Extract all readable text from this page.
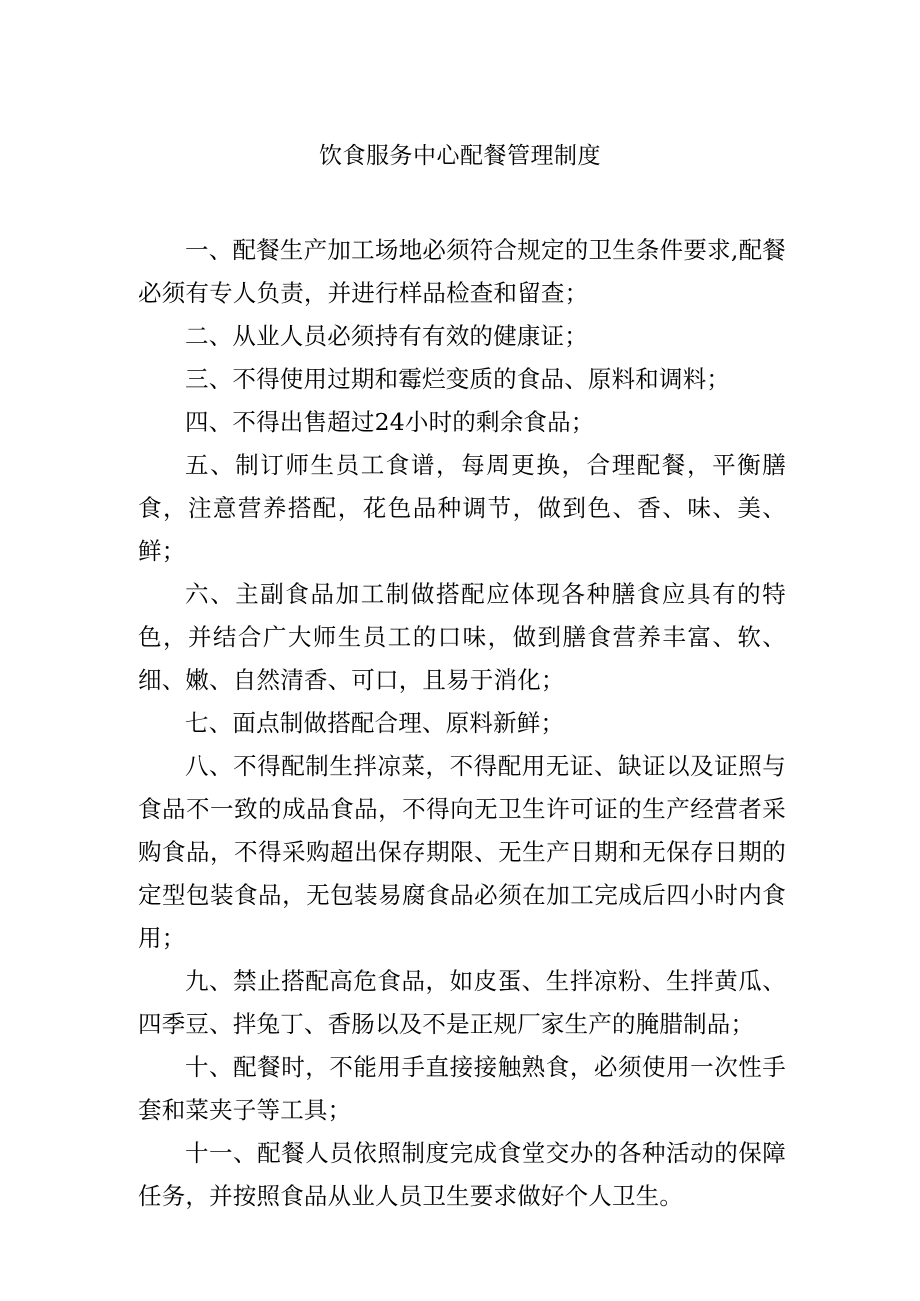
饮食服务中心配餐管理制度

一、配餐生产加工场地必须符合规定的卫生条件要求,配餐必须有专人负责，并进行样品检查和留查；

二、从业人员必须持有有效的健康证；

三、不得使用过期和霉烂变质的食品、原料和调料；

四、不得出售超过24小时的剩余食品；

五、制订师生员工食谱，每周更换，合理配餐，平衡膳食，注意营养搭配，花色品种调节，做到色、香、味、美、鲜；

六、主副食品加工制做搭配应体现各种膳食应具有的特色，并结合广大师生员工的口味，做到膳食营养丰富、软、细、嫩、自然清香、可口，且易于消化；

七、面点制做搭配合理、原料新鲜；

八、不得配制生拌凉菜，不得配用无证、缺证以及证照与食品不一致的成品食品，不得向无卫生许可证的生产经营者采购食品，不得采购超出保存期限、无生产日期和无保存日期的定型包装食品，无包装易腐食品必须在加工完成后四小时内食用；

九、禁止搭配高危食品，如皮蛋、生拌凉粉、生拌黄瓜、四季豆、拌兔丁、香肠以及不是正规厂家生产的腌腊制品；

十、配餐时，不能用手直接接触熟食，必须使用一次性手套和菜夹子等工具；

十一、配餐人员依照制度完成食堂交办的各种活动的保障任务，并按照食品从业人员卫生要求做好个人卫生。
